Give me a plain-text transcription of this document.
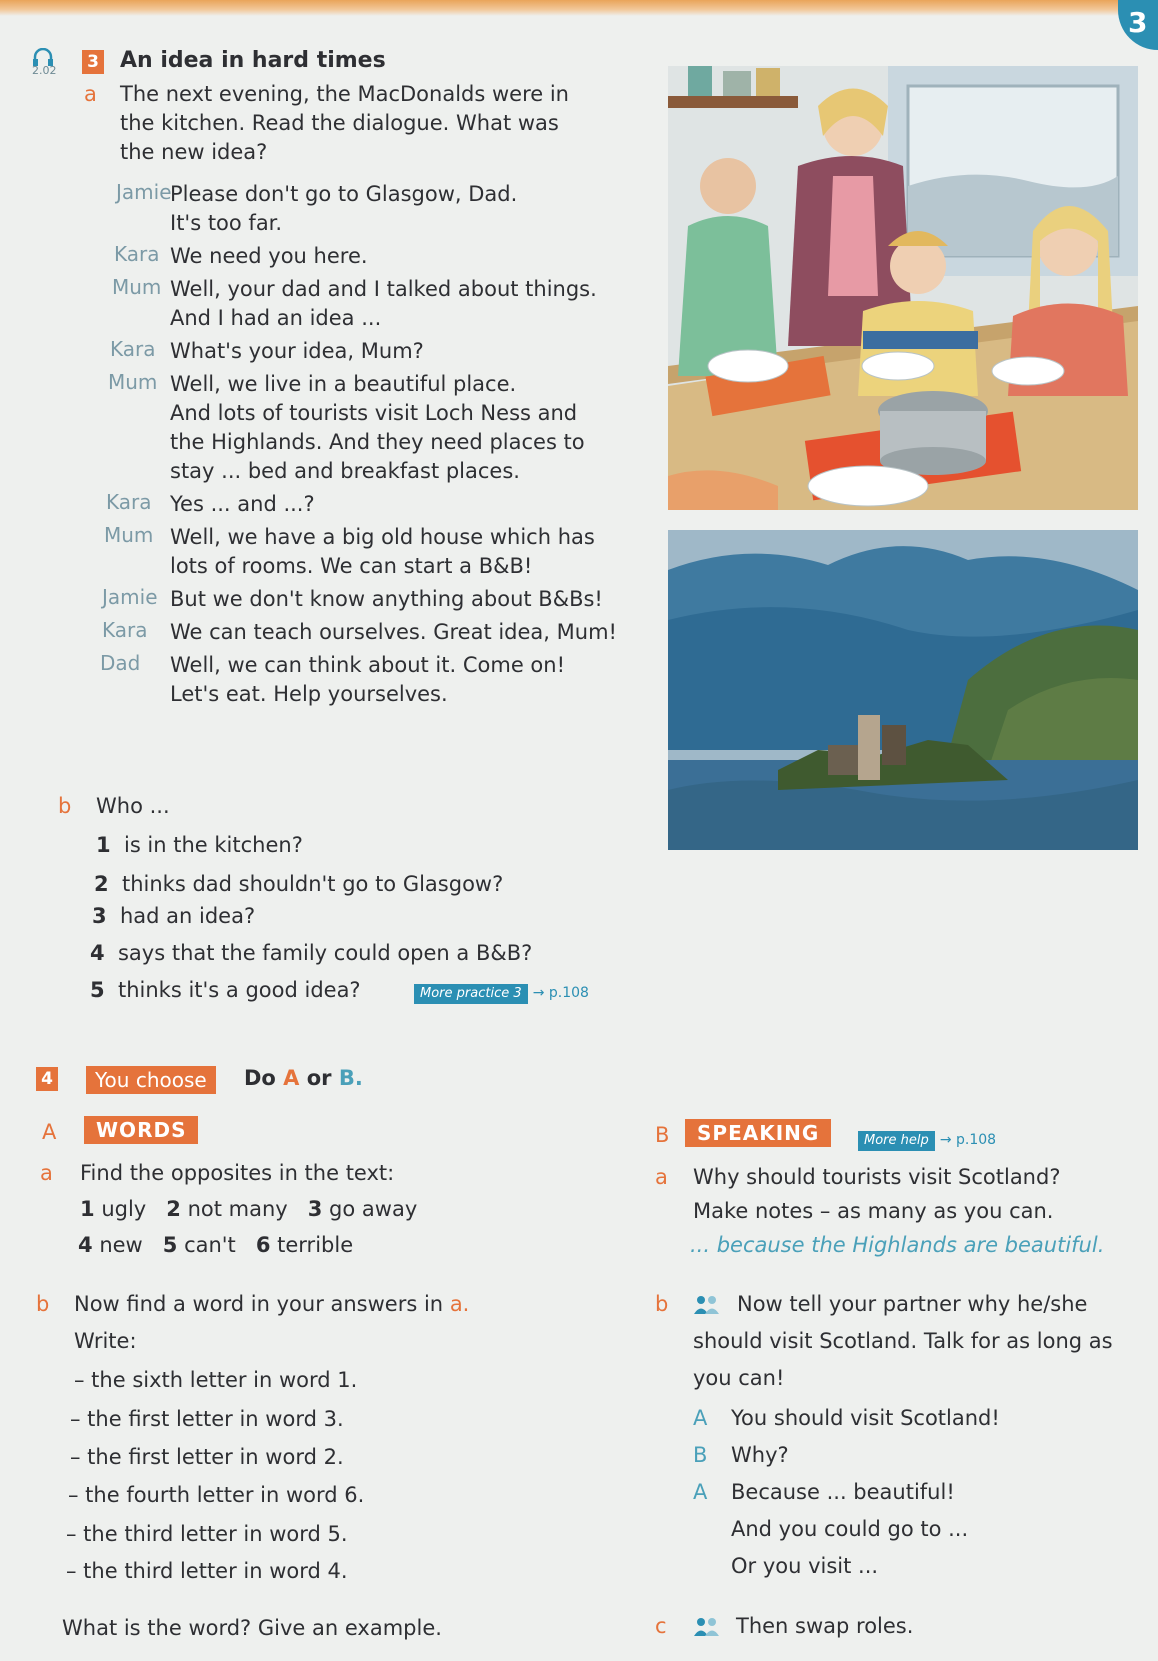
3
2.02	3 An idea in hard times
a The next evening, the MacDonalds were in
the kitchen. Read the dialogue. What was
the new idea?
Jamie
Please don't go to Glasgow, Dad.
It's too far.
Kara We need you here.
Mum Well, your dad and I talked about things.
And I had an idea ...
Kara What's your idea, Mum?
Mum Well, we live in a beautiful place.
And lots of tourists visit Loch Ness and
the Highlands. And they need places to
stay ... bed and breakfast places.
Kara Yes ... and ...?
Mum Well, we have a big old house which has
lots of rooms. We can start a B&B!
Jamie But we don't know anything about B&Bs!
Kara	We can teach ourselves. Great idea, Mum!
Dad	Well, we can think about it. Come on!
Let's eat. Help yourselves.
b Who ...
1 is in the kitchen?
2 thinks dad shouldn't go to Glasgow?
3 had an idea?
4 says that the family could open a B&B?
5 thinks it's a good idea?	More practice 3 → p.108
4	You choose	Do A or B.
A	WORDS
a Find the opposites in the text:
1 ugly 2 not many 3 go away
4 new 5 can't 6 terrible
b Now find a word in your answers in a.
Write:
– the sixth letter in word 1.
– the first letter in word 3.
– the first letter in word 2.
– the fourth letter in word 6.
– the third letter in word 5.
– the third letter in word 4.
What is the word? Give an example.
B	SPEAKING	More help → p.108
a Why should tourists visit Scotland?
Make notes – as many as you can.
... because the Highlands are beautiful.
b	Now tell your partner why he/she
should visit Scotland. Talk for as long as
you can!
A	You should visit Scotland!
B	Why?
A	Because ... beautiful!
And you could go to ...
Or you visit ...
c	Then swap roles.
